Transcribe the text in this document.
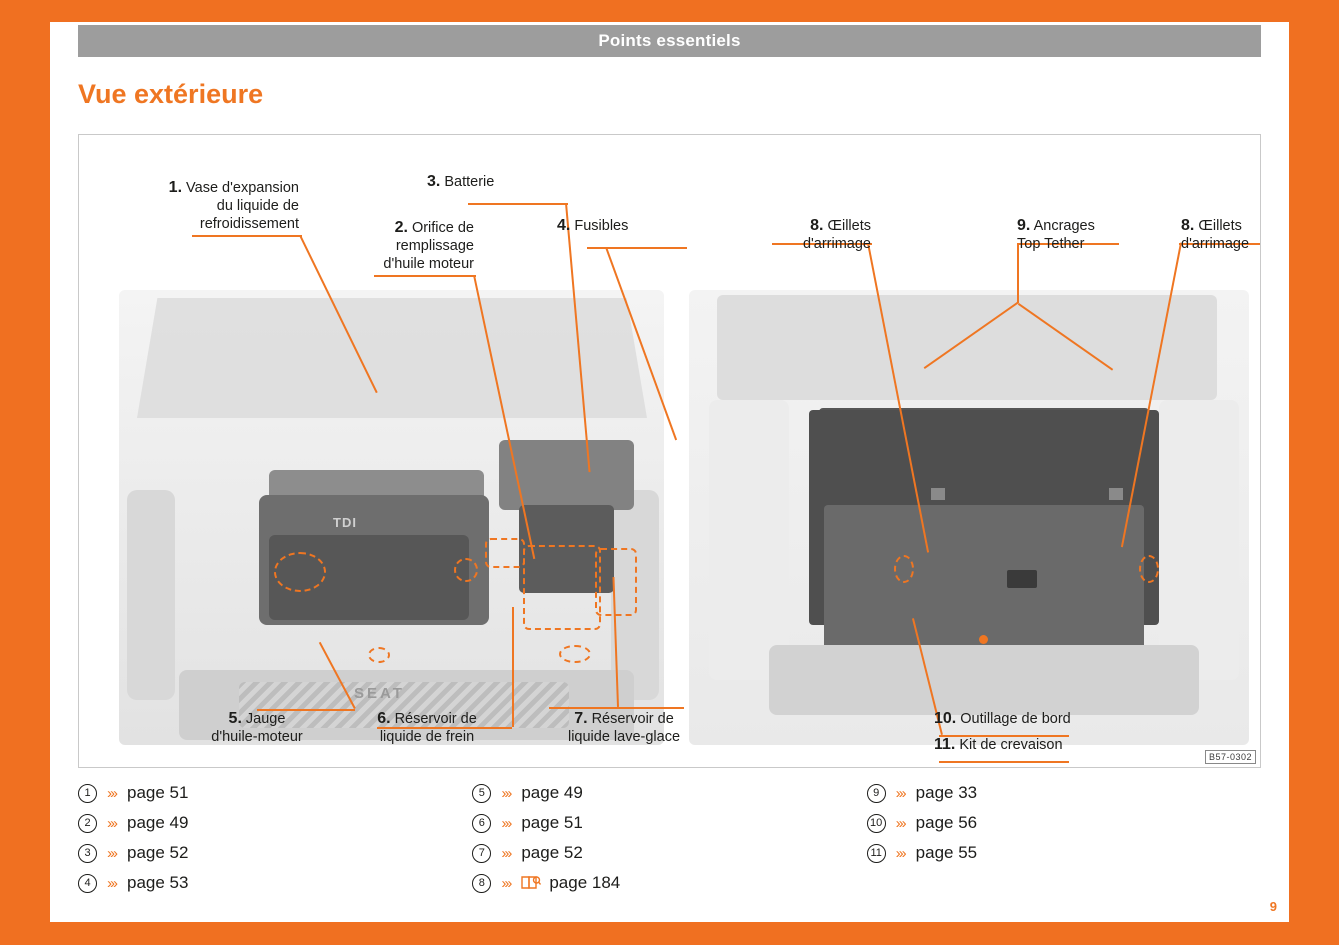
Points essentiels
Vue extérieure
TDI
SEAT
1. Vase d'expansion
du liquide de
refroidissement	2. Orifice de
remplissage
d'huile moteur
3. Batterie
4. Fusibles
5. Jauge
d'huile-moteur
6. Réservoir de
liquide de frein
7. Réservoir de
liquide lave-glace
8. Œillets
d'arrimage
9. Ancrages
Top Tether
8. Œillets
d'arrimage
10. Outillage de bord
11. Kit de crevaison
B57-0302
1	››› page 51
2	››› page 49
3	››› page 52
4	››› page 53
5	››› page 49
6	››› page 51
7	››› page 52
8	››› page 184
9	››› page 33
10 ››› page 56
11 ››› page 55
9
